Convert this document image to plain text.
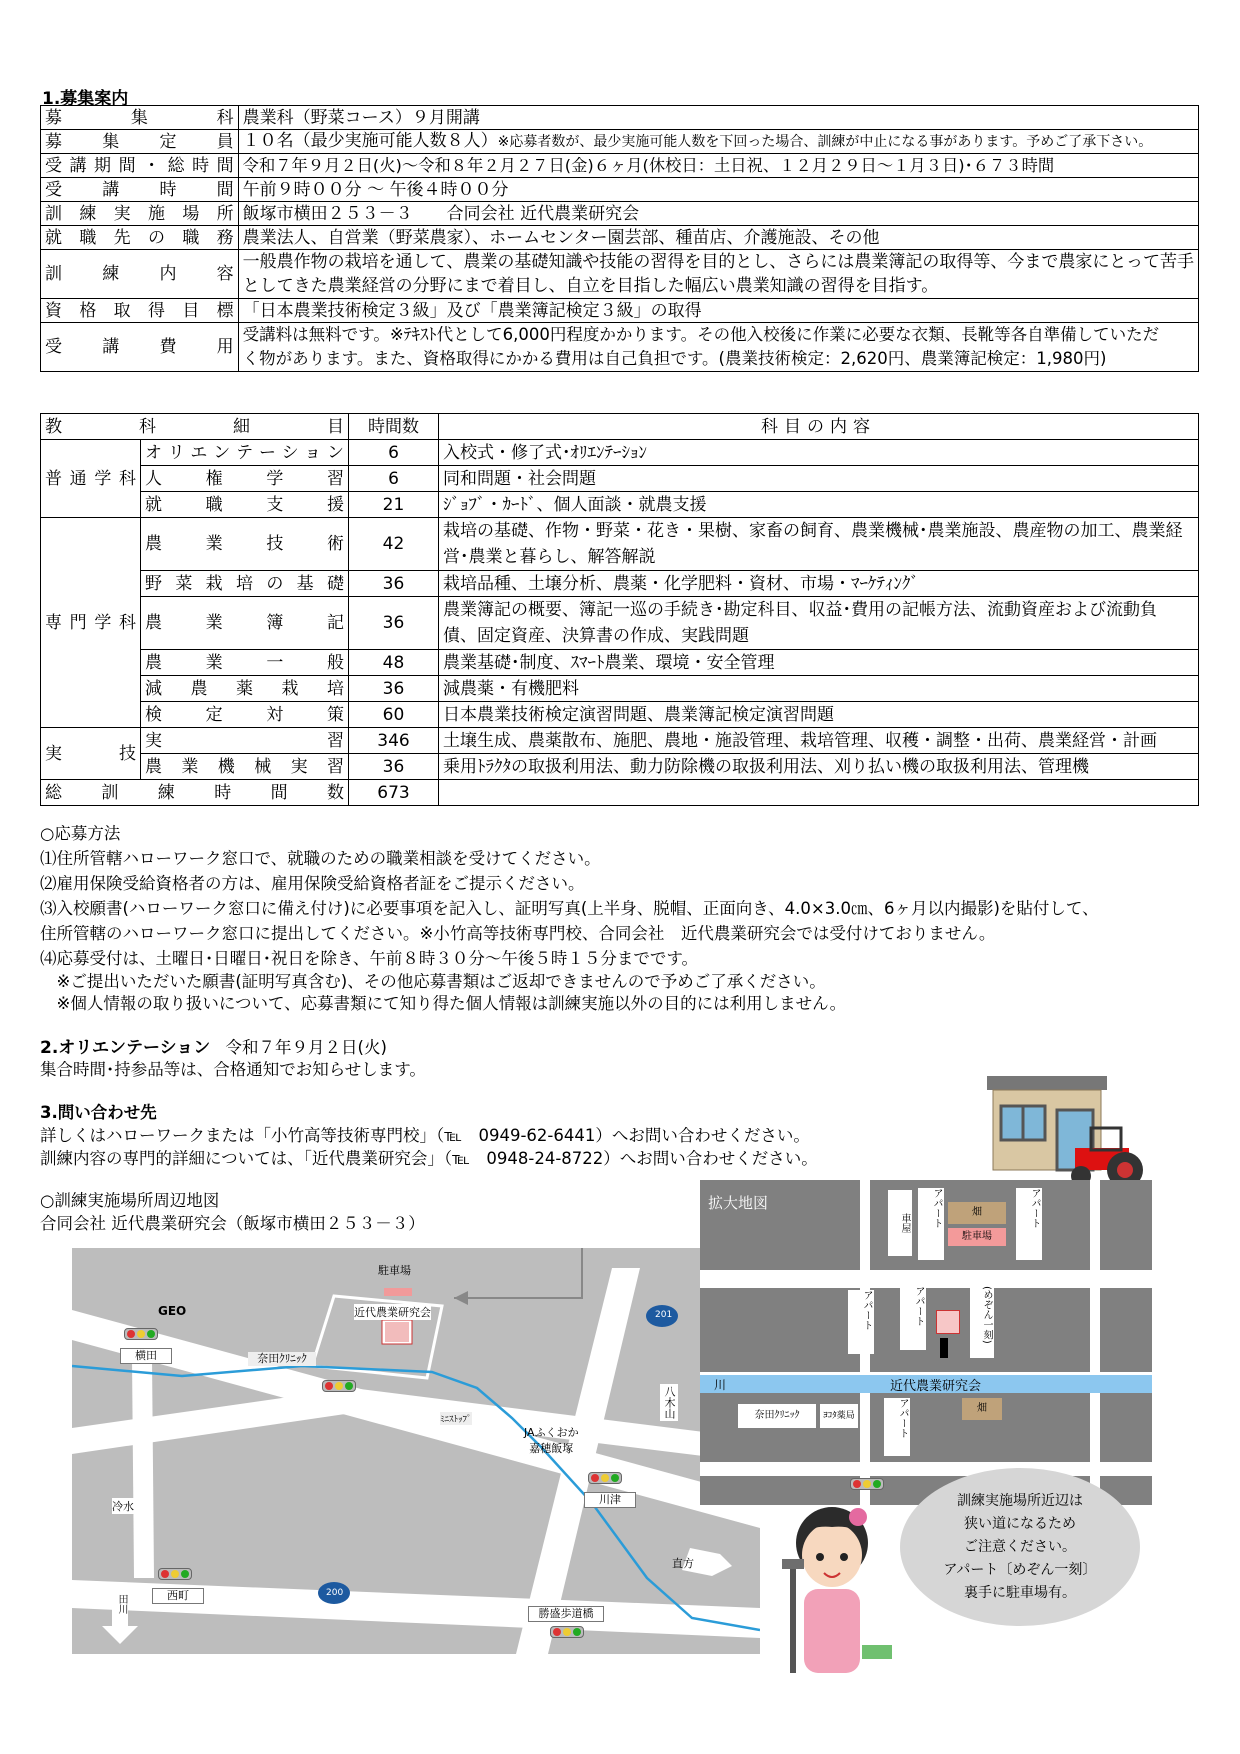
1.募集案内
募集科	農業科（野菜コース）９月開講
募集定員	１０名（最少実施可能人数８人）※応募者数が、最少実施可能人数を下回った場合、訓練が中止になる事があります。予めご了承下さい。
受講期間・総時間	令和７年９月２日(火)～令和８年２月２７日(金)６ヶ月(休校日：土日祝、１２月２９日～１月３日)･６７３時間
受講時間	午前９時００分 ～ 午後４時００分
訓練実施場所	飯塚市横田２５３－３　　合同会社 近代農業研究会
就職先の職務	農業法人、自営業（野菜農家）、ホームセンター園芸部、種苗店、介護施設、その他
訓練内容	一般農作物の栽培を通して、農業の基礎知識や技能の習得を目的とし、さらには農業簿記の取得等、今まで農家にとって苦手
としてきた農業経営の分野にまで着目し、自立を目指した幅広い農業知識の習得を目指す。

資格取得目標	「日本農業技術検定３級」及び「農業簿記検定３級」の取得
受講費用	受講料は無料です。※ﾃｷｽﾄ代として6,000円程度かかります。その他入校後に作業に必要な衣類、長靴等各自準備していただ
く物があります。また、資格取得にかかる費用は自己負担です。(農業技術検定：2,620円、農業簿記検定：1,980円)
教科細目		時間数	科目の内容
普通学科	オリエンテーション	6	入校式・修了式･ｵﾘｴﾝﾃｰｼｮﾝ
	人権学習	6	同和問題・社会問題
	就職支援	21	ｼﾞｮﾌﾞ・ｶｰﾄﾞ、個人面談・就農支援
専門学科	農業技術	42	栽培の基礎、作物・野菜・花き・果樹、家畜の飼育、農業機械･農業施設、農産物の加工、農業経
営･農業と暮らし、解答解説

	野菜栽培の基礎	36	栽培品種、土壌分析、農薬・化学肥料・資材、市場・ﾏｰｹﾃｨﾝｸﾞ
	農業簿記	36	農業簿記の概要、簿記一巡の手続き･勘定科目、収益･費用の記帳方法、流動資産および流動負
債、固定資産、決算書の作成、実践問題

	農業一般	48	農業基礎･制度、ｽﾏｰﾄ農業、環境・安全管理
	減農薬栽培	36	減農薬・有機肥料
	検定対策	60	日本農業技術検定演習問題、農業簿記検定演習問題
実技	実習	346	土壌生成、農薬散布、施肥、農地・施設管理、栽培管理、収穫・調整・出荷、農業経営・計画
	農業機械実習	36	乗用ﾄﾗｸﾀの取扱利用法、動力防除機の取扱利用法、刈り払い機の取扱利用法、管理機
総訓練時間数		673	
○応募方法
⑴住所管轄ハローワーク窓口で、就職のための職業相談を受けてください。
⑵雇用保険受給資格者の方は、雇用保険受給資格者証をご提示ください。
⑶入校願書(ハローワーク窓口に備え付け)に必要事項を記入し、証明写真(上半身、脱帽、正面向き、4.0×3.0㎝、6ヶ月以内撮影)を貼付して、
住所管轄のハローワーク窓口に提出してください。※小竹高等技術専門校、合同会社　近代農業研究会では受付けておりません。
⑷応募受付は、土曜日･日曜日･祝日を除き、午前８時３０分～午後５時１５分までです。
　※ご提出いただいた願書(証明写真含む)、その他応募書類はご返却できませんので予めご了承ください。
　※個人情報の取り扱いについて、応募書類にて知り得た個人情報は訓練実施以外の目的には利用しません。
2.オリエンテーション 令和７年９月２日(火)
集合時間･持参品等は、合格通知でお知らせします。
3.問い合わせ先
詳しくはハローワークまたは「小竹高等技術専門校」（℡　0949-62-6441）へお問い合わせください。
訓練内容の専門的詳細については、「近代農業研究会」（℡　0948-24-8722）へお問い合わせください。
○訓練実施場所周辺地図
合同会社 近代農業研究会（飯塚市横田２５３－３）
駐車場
近代農業研究会
GEO
横田	奈田ｸﾘﾆｯｸ
ﾐﾆｽﾄｯﾌﾟ
JAふくおか
嘉穂飯塚
201
八木山
川津
冷水
直方
西町	200
田川	勝盛歩道橋
拡大地図
川	近代農業研究会
車屋	アパート	畑
駐車場
アパート
アパート	アパート	(めぞん一刻)
奈田ｸﾘﾆｯｸ	ﾖｺﾀ薬局	アパート	畑
訓練実施場所近辺は
狭い道になるため
ご注意ください。
アパート〔めぞん一刻〕
裏手に駐車場有。
